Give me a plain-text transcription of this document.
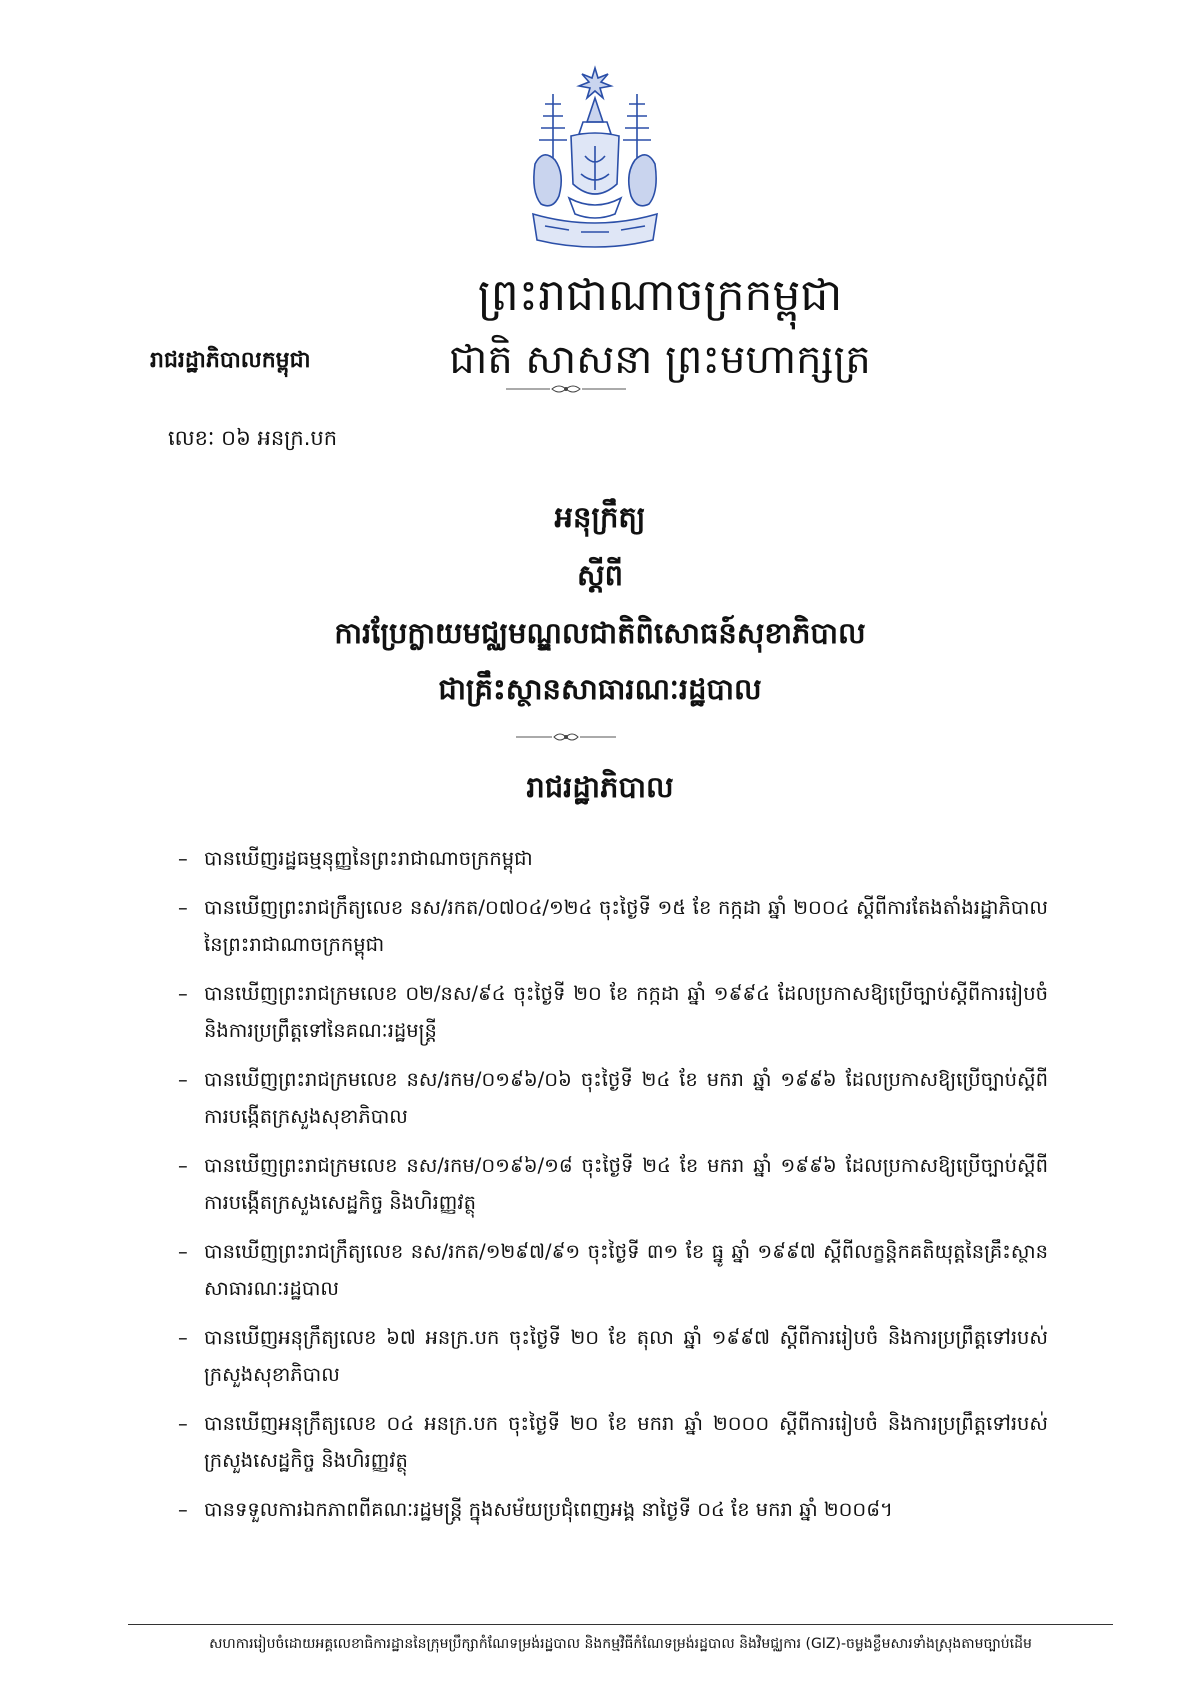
ព្រះរាជាណាចក្រកម្ពុជា
ជាតិ សាសនា ព្រះមហាក្សត្រ
រាជរដ្ឋាភិបាលកម្ពុជា
លេខៈ ០៦ អនក្រ.បក
អនុក្រឹត្យ
ស្តីពី
ការប្រែក្លាយមជ្ឈមណ្ឌលជាតិពិសោធន៍សុខាភិបាល
ជាគ្រឹះស្ថានសាធារណៈរដ្ឋបាល
រាជរដ្ឋាភិបាល
– បានឃើញរដ្ឋធម្មនុញ្ញនៃព្រះរាជាណាចក្រកម្ពុជា
– បានឃើញព្រះរាជក្រឹត្យលេខ នស/រកត/០៧០៤/១២៤ ចុះថ្ងៃទី ១៥ ខែ កក្កដា ឆ្នាំ ២០០៤ ស្តីពីការតែងតាំងរដ្ឋាភិបាលនៃព្រះរាជាណាចក្រកម្ពុជា
– បានឃើញព្រះរាជក្រមលេខ ០២/នស/៩៤ ចុះថ្ងៃទី ២០ ខែ កក្កដា ឆ្នាំ ១៩៩៤ ដែលប្រកាសឱ្យប្រើច្បាប់ស្តីពីការរៀបចំ និងការប្រព្រឹត្តទៅនៃគណៈរដ្ឋមន្ត្រី
– បានឃើញព្រះរាជក្រមលេខ នស/រកម/០១៩៦/០៦ ចុះថ្ងៃទី ២៤ ខែ មករា ឆ្នាំ ១៩៩៦ ដែលប្រកាសឱ្យប្រើច្បាប់ស្តីពីការបង្កើតក្រសួងសុខាភិបាល
– បានឃើញព្រះរាជក្រមលេខ នស/រកម/០១៩៦/១៨ ចុះថ្ងៃទី ២៤ ខែ មករា ឆ្នាំ ១៩៩៦ ដែលប្រកាសឱ្យប្រើច្បាប់ស្តីពីការបង្កើតក្រសួងសេដ្ឋកិច្ច និងហិរញ្ញវត្ថុ
– បានឃើញព្រះរាជក្រឹត្យលេខ នស/រកត/១២៩៧/៩១ ចុះថ្ងៃទី ៣១ ខែ ធ្នូ ឆ្នាំ ១៩៩៧ ស្តីពីលក្ខន្តិកគតិយុត្តនៃគ្រឹះស្ថានសាធារណៈរដ្ឋបាល
– បានឃើញអនុក្រឹត្យលេខ ៦៧ អនក្រ.បក ចុះថ្ងៃទី ២០ ខែ តុលា ឆ្នាំ ១៩៩៧ ស្តីពីការរៀបចំ និងការប្រព្រឹត្តទៅរបស់ក្រសួងសុខាភិបាល
– បានឃើញអនុក្រឹត្យលេខ ០៤ អនក្រ.បក ចុះថ្ងៃទី ២០ ខែ មករា ឆ្នាំ ២០០០ ស្តីពីការរៀបចំ និងការប្រព្រឹត្តទៅរបស់ក្រសួងសេដ្ឋកិច្ច និងហិរញ្ញវត្ថុ
– បានទទួលការឯកភាពពីគណៈរដ្ឋមន្ត្រី ក្នុងសម័យប្រជុំពេញអង្គ នាថ្ងៃទី ០៤ ខែ មករា ឆ្នាំ ២០០៨។
សហការរៀបចំដោយអគ្គលេខាធិការដ្ឋាននៃក្រុមប្រឹក្សាកំណែទម្រង់រដ្ឋបាល និងកម្មវិធីកំណែទម្រង់រដ្ឋបាល និងវិមជ្ឈការ (GIZ)-ចម្លងខ្លឹមសារទាំងស្រុងតាមច្បាប់ដើម
